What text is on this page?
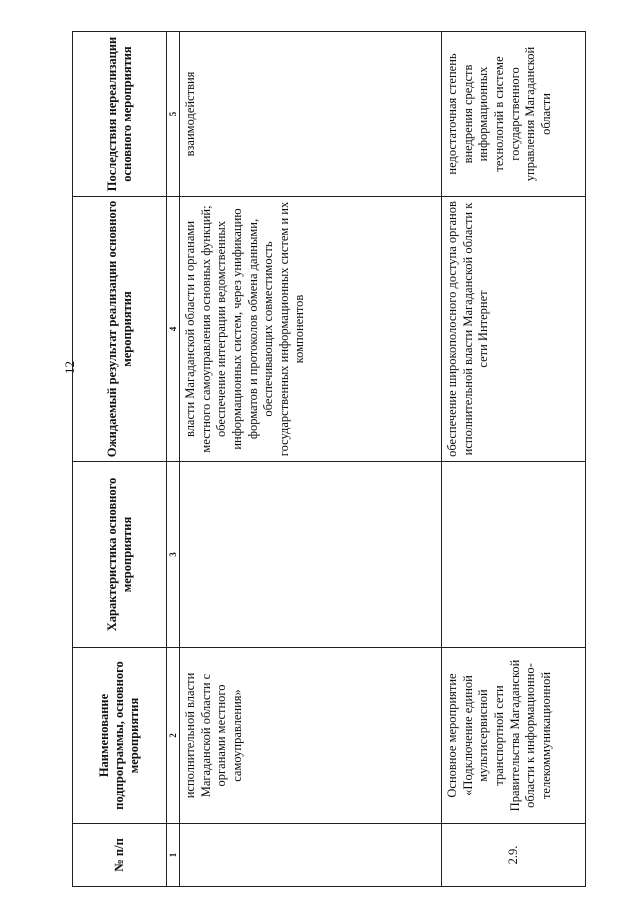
12
№ п/п	Наименование подпрограммы, основного мероприятия	Характеристика основного мероприятия	Ожидаемый результат реализации основного мероприятия	Последствия нереализации основного мероприятия
1	2	3	4	5
	исполнительной власти Магаданской области с органами местного самоуправления»		власти Магаданской области и органами местного самоуправления основных функций; обеспечение интеграции ведомственных информационных систем, через унификацию форматов и протоколов обмена данными, обеспечивающих совместимость государственных информационных систем и их компонентов	взаимодействия
2.9.	Основное мероприятие «Подключение единой мультисервисной транспортной сети Правительства Магаданской области к информационно-телекоммуникационной		обеспечение широкополосного доступа органов исполнительной власти Магаданской области к сети Интернет	недостаточная степень внедрения средств информационных технологий в системе государственного управления Магаданской области
